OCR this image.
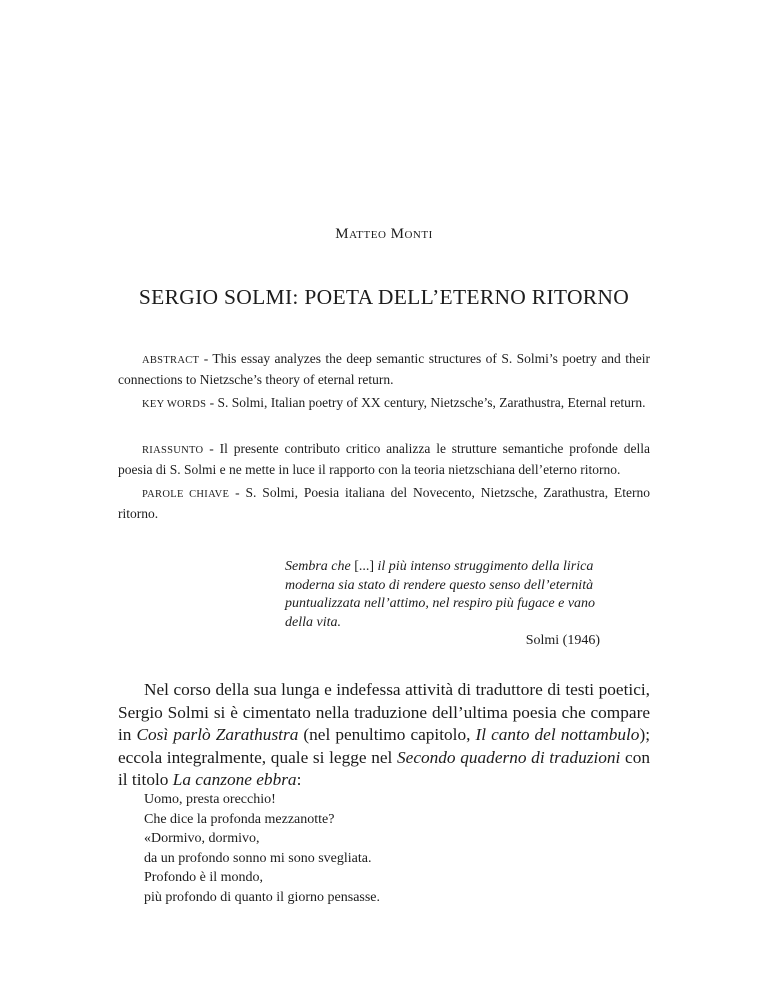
MATTEO MONTI
SERGIO SOLMI: POETA DELL’ETERNO RITORNO

ABSTRACT - This essay analyzes the deep semantic structures of S. Solmi’s poetry and their connections to Nietzsche’s theory of eternal return.

KEY WORDS - S. Solmi, Italian poetry of XX century, Nietzsche’s, Zarathustra, Eternal return.

RIASSUNTO - Il presente contributo critico analizza le strutture semantiche profonde della poesia di S. Solmi e ne mette in luce il rapporto con la teoria nietzschiana dell’eterno ritorno.

PAROLE CHIAVE - S. Solmi, Poesia italiana del Novecento, Nietzsche, Zarathustra, Eterno ritorno.

Sembra che [...] il più intenso struggimento della lirica moderna sia stato di rendere questo senso dell’eternità puntualizzata nell’attimo, nel respiro più fugace e vano della vita.
Solmi (1946)

Nel corso della sua lunga e indefessa attività di traduttore di testi poetici, Sergio Solmi si è cimentato nella traduzione dell’ultima poesia che compare in Così parlò Zarathustra (nel penultimo capitolo, Il canto del nottambulo); eccola integralmente, quale si legge nel Secondo quaderno di traduzioni con il titolo La canzone ebbra:

Uomo, presta orecchio!
Che dice la profonda mezzanotte?
«Dormivo, dormivo,
da un profondo sonno mi sono svegliata.
Profondo è il mondo,
più profondo di quanto il giorno pensasse.
